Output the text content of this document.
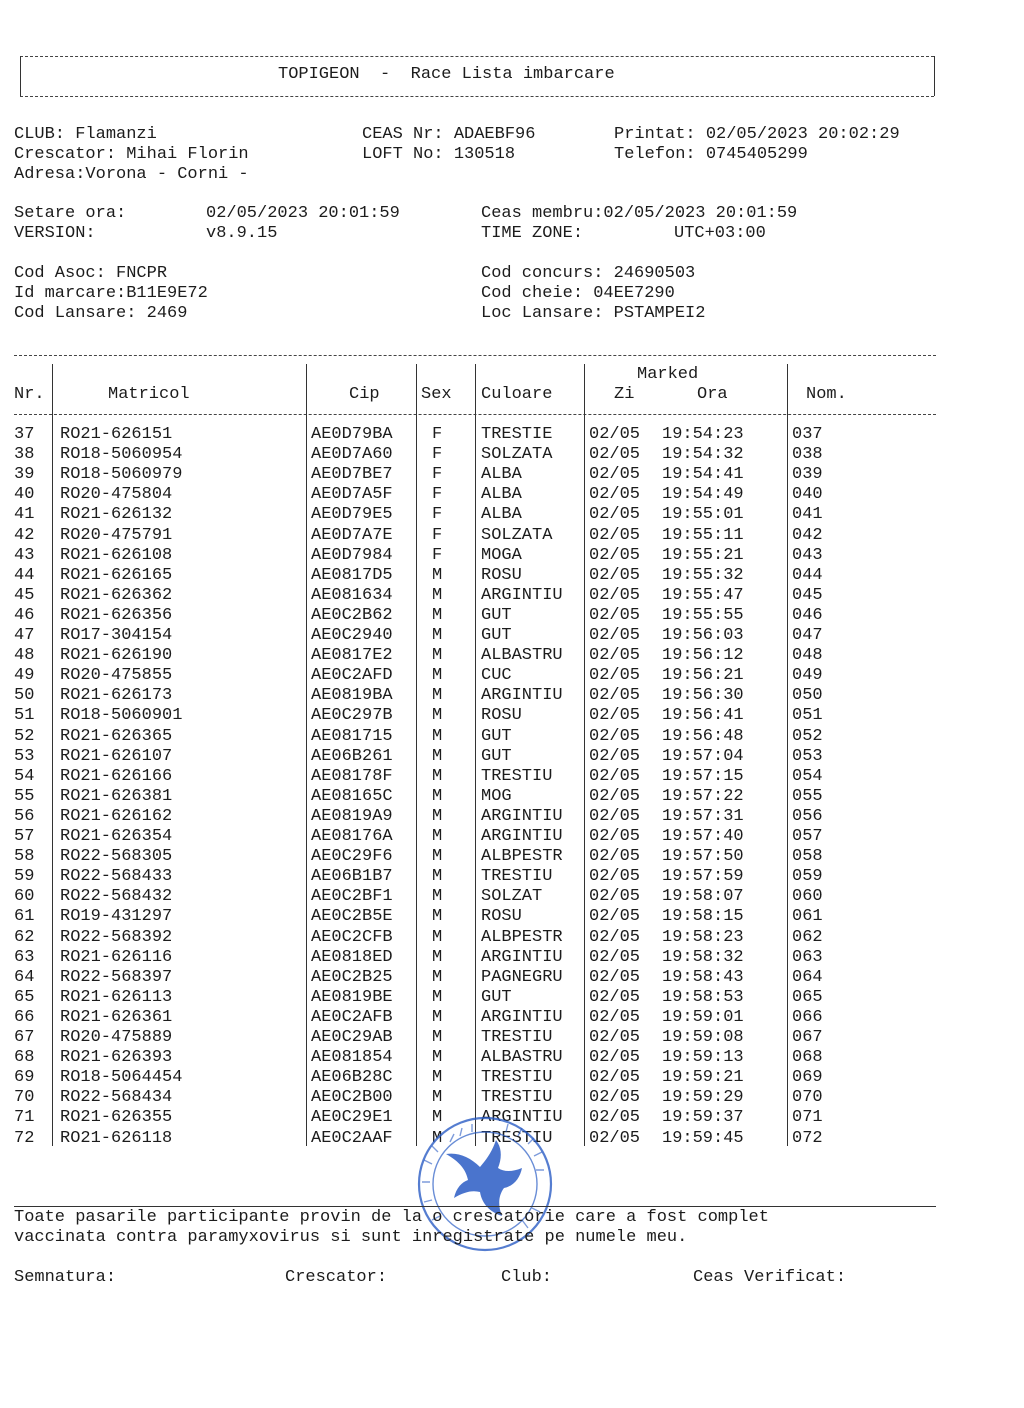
TOPIGEON  -  Race Lista imbarcare
CLUB: Flamanzi
Crescator: Mihai Florin
Adresa:Vorona - Corni -
CEAS Nr: ADAEBF96
LOFT No: 130518
Printat: 02/05/2023 20:02:29
Telefon: 0745405299
Setare ora:	02/05/2023 20:01:59
VERSION:	v8.9.15
Ceas membru:02/05/2023 20:01:59
TIME ZONE:	UTC+03:00
Cod Asoc: FNCPR
Id marcare:B11E9E72
Cod Lansare: 2469
Cod concurs: 24690503
Cod cheie: 04EE7290
Loc Lansare: PSTAMPEI2
Marked
Nr.	Matricol	Cip Sex Culoare	Zi	Ora	Nom.
37 RO21-626151	AE0D79BA F TRESTIE 02/05 19:54:23	037
38 RO18-5060954	AE0D7A60 F SOLZATA 02/05 19:54:32	038
39 RO18-5060979	AE0D7BE7 F ALBA	02/05 19:54:41	039
40 RO20-475804	AE0D7A5F F ALBA	02/05 19:54:49	040
41 RO21-626132	AE0D79E5 F ALBA	02/05 19:55:01	041
42 RO20-475791	AE0D7A7E F SOLZATA 02/05 19:55:11	042
43 RO21-626108	AE0D7984 F MOGA	02/05 19:55:21	043
44 RO21-626165	AE0817D5 M ROSU	02/05 19:55:32	044
45 RO21-626362	AE081634 M ARGINTIU 02/05 19:55:47	045
46 RO21-626356	AE0C2B62 M GUT	02/05 19:55:55	046
47 RO17-304154	AE0C2940 M GUT	02/05 19:56:03	047
48 RO21-626190	AE0817E2 M ALBASTRU 02/05 19:56:12	048
49 RO20-475855	AE0C2AFD M CUC	02/05 19:56:21	049
50 RO21-626173	AE0819BA M ARGINTIU 02/05 19:56:30	050
51 RO18-5060901	AE0C297B M ROSU	02/05 19:56:41	051
52 RO21-626365	AE081715 M GUT	02/05 19:56:48	052
53 RO21-626107	AE06B261 M GUT	02/05 19:57:04	053
54 RO21-626166	AE08178F M TRESTIU 02/05 19:57:15	054
55 RO21-626381	AE08165C M MOG	02/05 19:57:22	055
56 RO21-626162	AE0819A9 M ARGINTIU 02/05 19:57:31	056
57 RO21-626354	AE08176A M ARGINTIU 02/05 19:57:40	057
58 RO22-568305	AE0C29F6 M ALBPESTR 02/05 19:57:50	058
59 RO22-568433	AE06B1B7 M TRESTIU 02/05 19:57:59	059
60 RO22-568432	AE0C2BF1 M SOLZAT	02/05 19:58:07	060
61 RO19-431297	AE0C2B5E M ROSU	02/05 19:58:15	061
62 RO22-568392	AE0C2CFB M ALBPESTR 02/05 19:58:23	062
63 RO21-626116	AE0818ED M ARGINTIU 02/05 19:58:32	063
64 RO22-568397	AE0C2B25 M PAGNEGRU 02/05 19:58:43	064
65 RO21-626113	AE0819BE M GUT	02/05 19:58:53	065
66 RO21-626361	AE0C2AFB M ARGINTIU 02/05 19:59:01	066
67 RO20-475889	AE0C29AB M TRESTIU 02/05 19:59:08	067
68 RO21-626393	AE081854 M ALBASTRU 02/05 19:59:13	068
69 RO18-5064454	AE06B28C M TRESTIU 02/05 19:59:21	069
70 RO22-568434	AE0C2B00 M TRESTIU 02/05 19:59:29	070
71 RO21-626355	AE0C29E1 M ARGINTIU 02/05 19:59:37	071
72 RO21-626118	AE0C2AAF M TRESTIU 02/05 19:59:45	072
Toate pasarile participante provin de la o crescatorie care a fost complet
vaccinata contra paramyxovirus si sunt inregistrate pe numele meu.
Semnatura:	Crescator:	Club:	Ceas Verificat:
